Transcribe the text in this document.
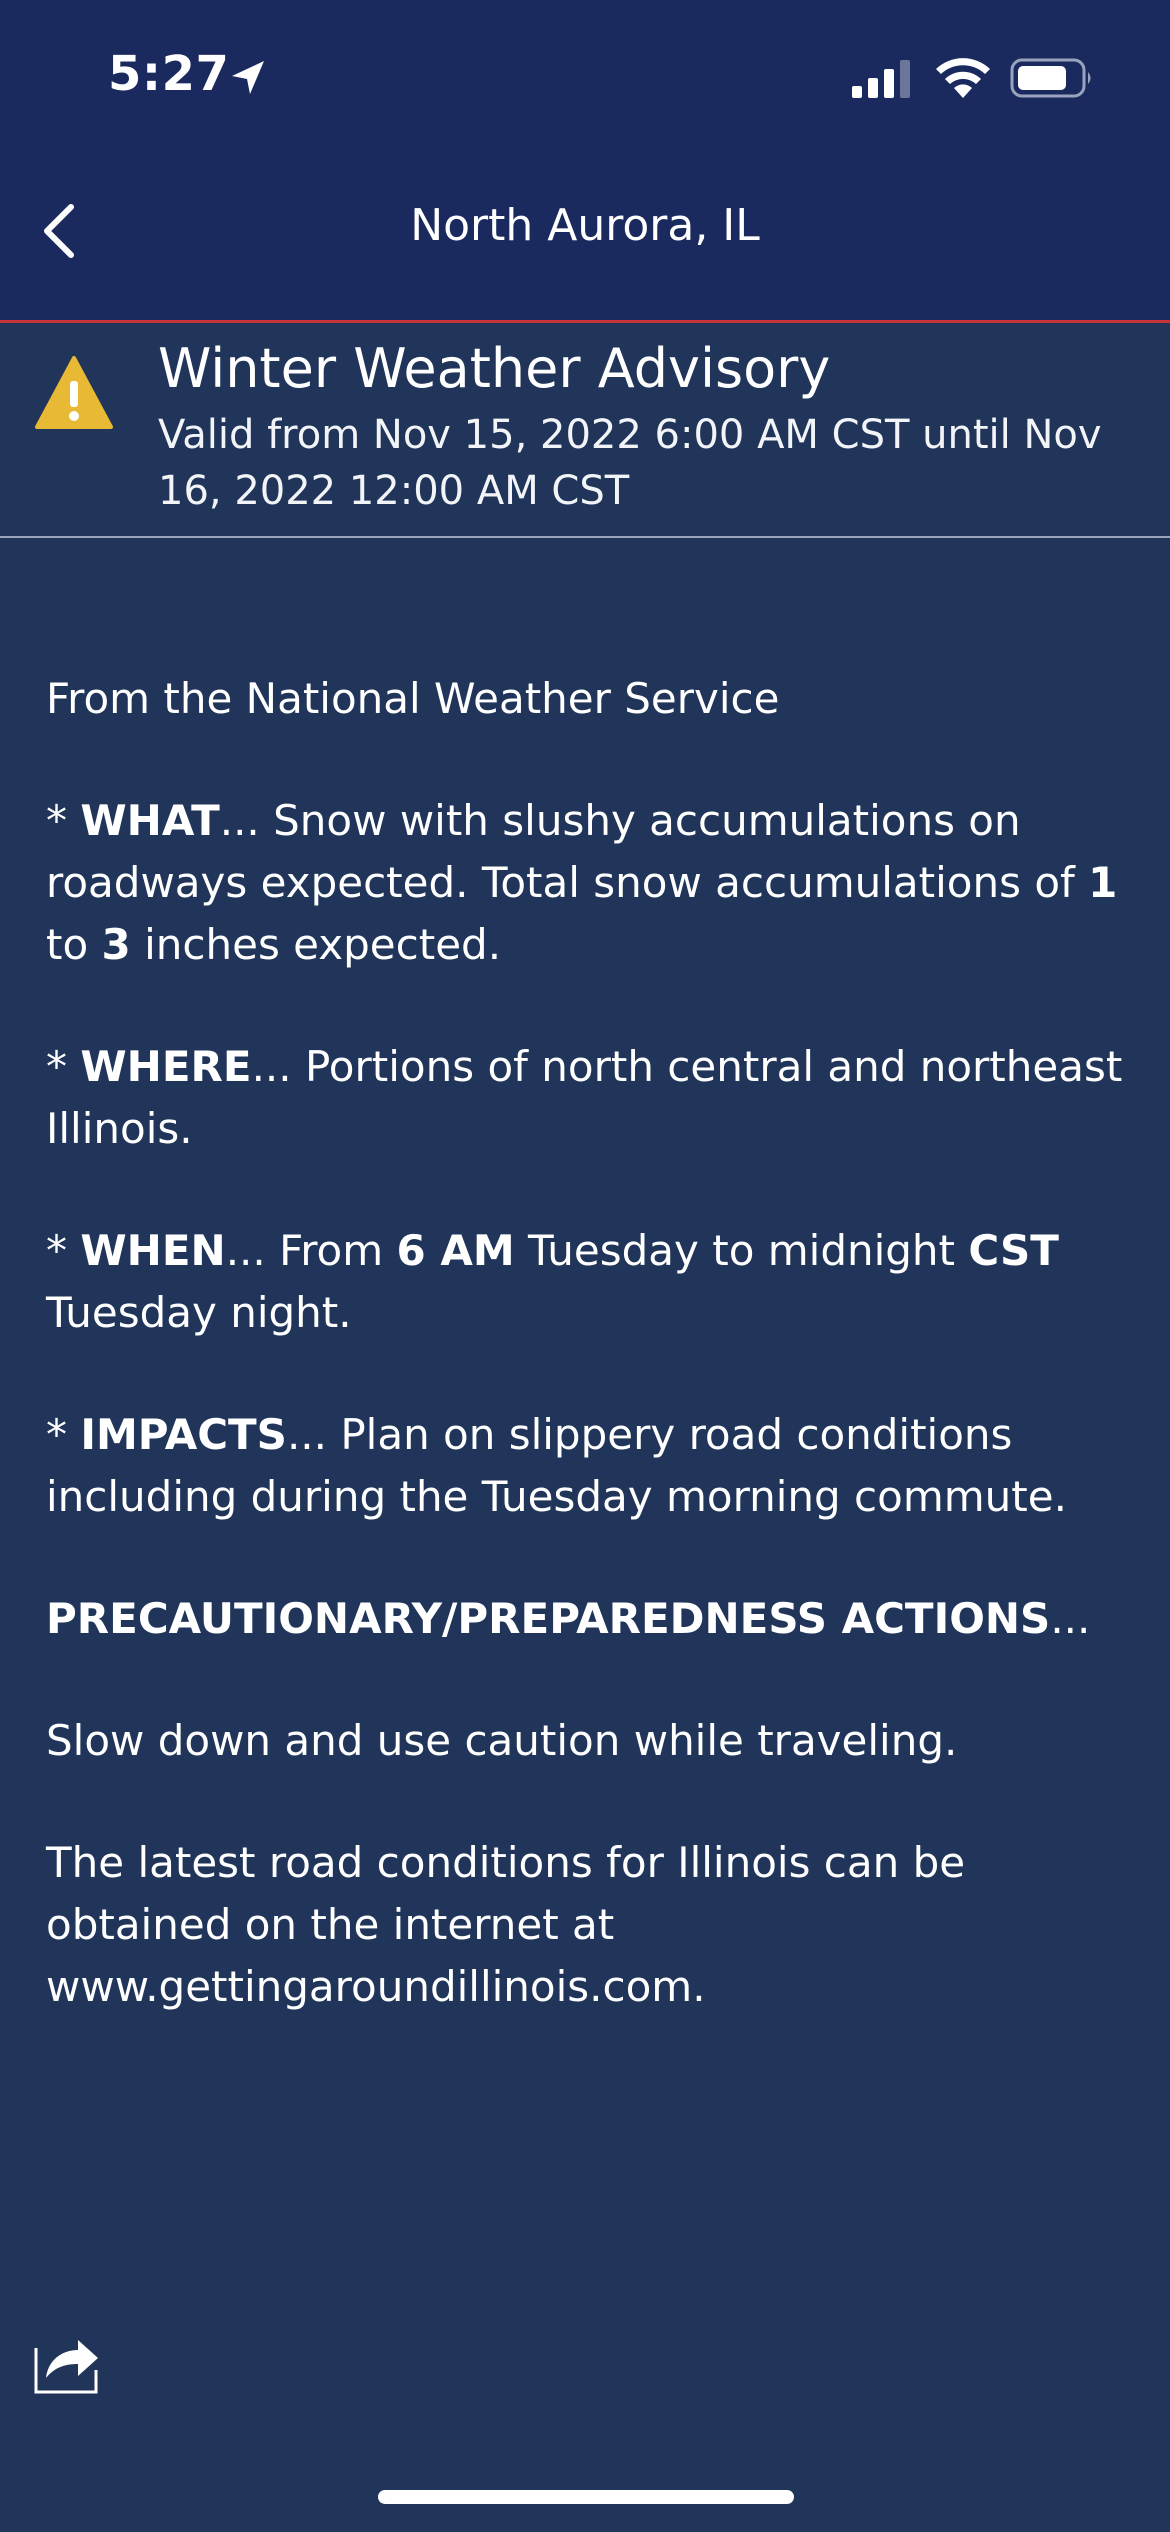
5:27
North Aurora, IL
Winter Weather Advisory
Valid from Nov 15, 2022 6:00 AM CST until Nov 16, 2022 12:00 AM CST

From the National Weather Service

* WHAT... Snow with slushy accumulations on roadways expected. Total snow accumulations of 1 to 3 inches expected.

* WHERE... Portions of north central and northeast Illinois.

* WHEN... From 6 AM Tuesday to midnight CST Tuesday night.

* IMPACTS... Plan on slippery road conditions including during the Tuesday morning commute.

PRECAUTIONARY/PREPAREDNESS ACTIONS...

Slow down and use caution while traveling.

The latest road conditions for Illinois can be obtained on the internet at www.gettingaroundillinois.com.
